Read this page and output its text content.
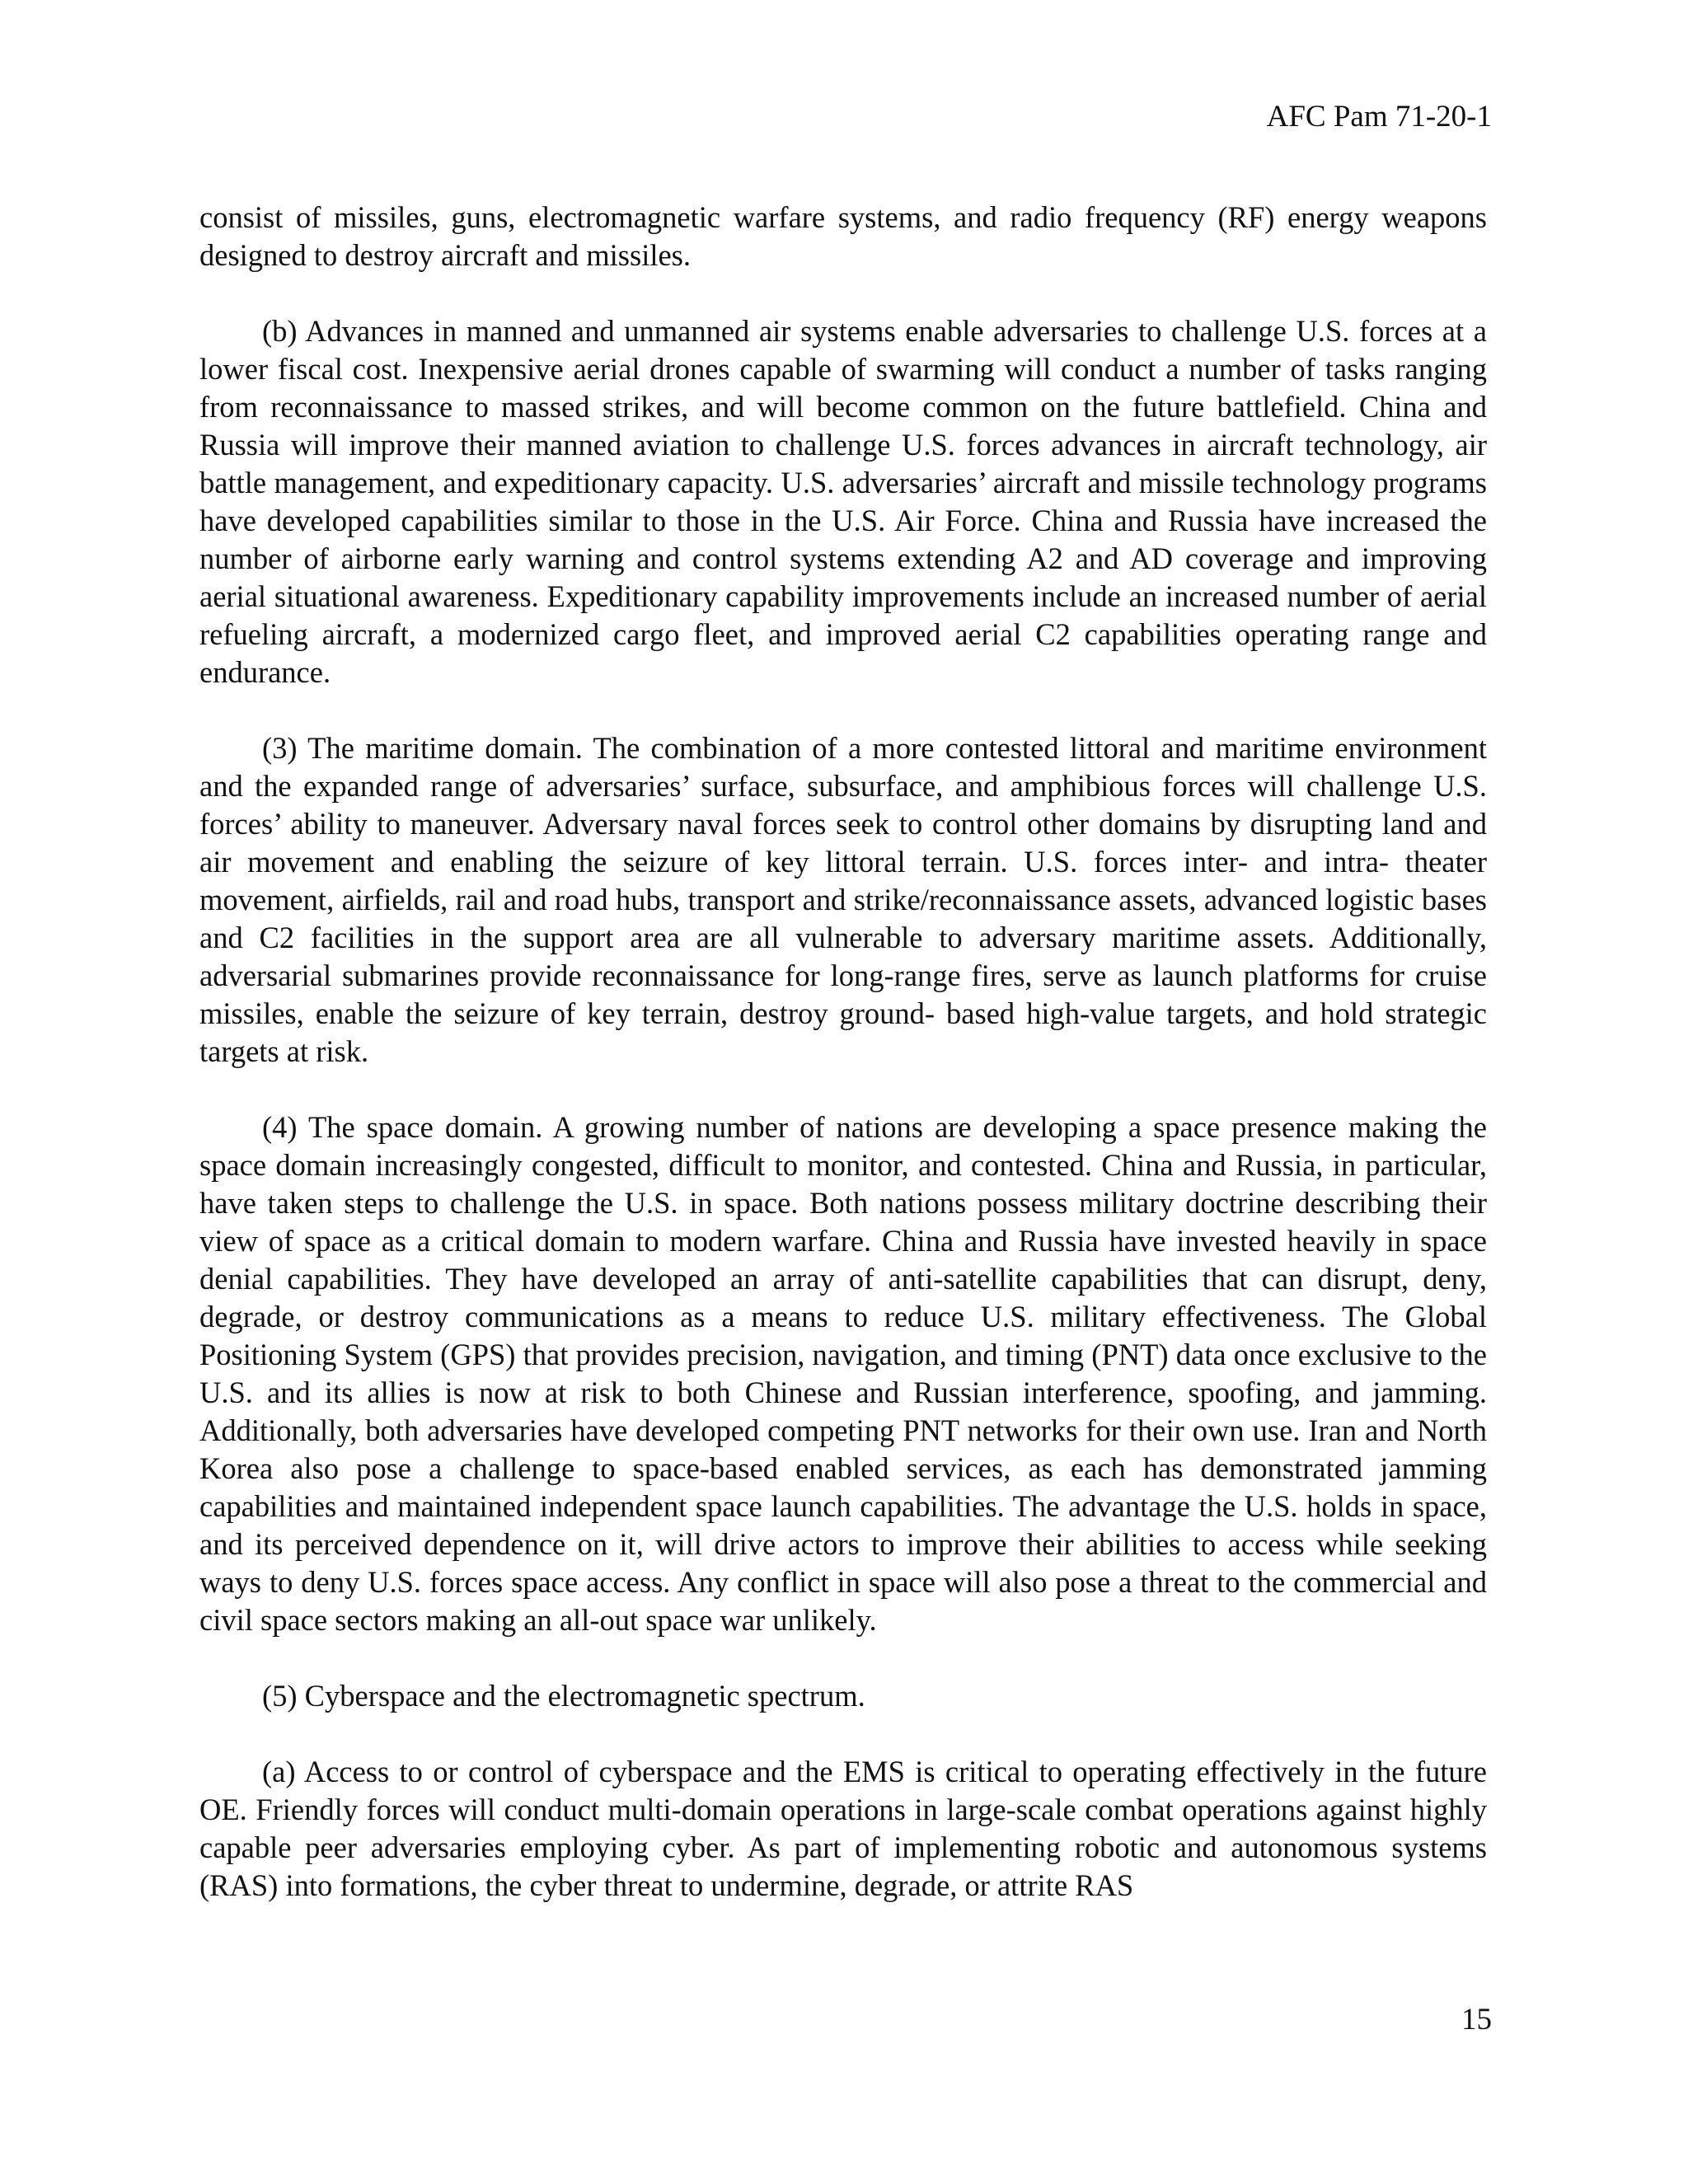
AFC Pam 71-20-1

consist of missiles, guns, electromagnetic warfare systems, and radio frequency (RF) energy weapons designed to destroy aircraft and missiles.

(b) Advances in manned and unmanned air systems enable adversaries to challenge U.S. forces at a lower fiscal cost. Inexpensive aerial drones capable of swarming will conduct a number of tasks ranging from reconnaissance to massed strikes, and will become common on the future battlefield. China and Russia will improve their manned aviation to challenge U.S. forces advances in aircraft technology, air battle management, and expeditionary capacity. U.S. adversaries’ aircraft and missile technology programs have developed capabilities similar to those in the U.S. Air Force. China and Russia have increased the number of airborne early warning and control systems extending A2 and AD coverage and improving aerial situational awareness. Expeditionary capability improvements include an increased number of aerial refueling aircraft, a modernized cargo fleet, and improved aerial C2 capabilities operating range and endurance.

(3) The maritime domain. The combination of a more contested littoral and maritime environment and the expanded range of adversaries’ surface, subsurface, and amphibious forces will challenge U.S. forces’ ability to maneuver. Adversary naval forces seek to control other domains by disrupting land and air movement and enabling the seizure of key littoral terrain. U.S. forces inter- and intra- theater movement, airfields, rail and road hubs, transport and strike/reconnaissance assets, advanced logistic bases and C2 facilities in the support area are all vulnerable to adversary maritime assets. Additionally, adversarial submarines provide reconnaissance for long-range fires, serve as launch platforms for cruise missiles, enable the seizure of key terrain, destroy ground- based high-value targets, and hold strategic targets at risk.

(4) The space domain. A growing number of nations are developing a space presence making the space domain increasingly congested, difficult to monitor, and contested. China and Russia, in particular, have taken steps to challenge the U.S. in space. Both nations possess military doctrine describing their view of space as a critical domain to modern warfare. China and Russia have invested heavily in space denial capabilities. They have developed an array of anti-satellite capabilities that can disrupt, deny, degrade, or destroy communications as a means to reduce U.S. military effectiveness. The Global Positioning System (GPS) that provides precision, navigation, and timing (PNT) data once exclusive to the U.S. and its allies is now at risk to both Chinese and Russian interference, spoofing, and jamming. Additionally, both adversaries have developed competing PNT networks for their own use. Iran and North Korea also pose a challenge to space-based enabled services, as each has demonstrated jamming capabilities and maintained independent space launch capabilities. The advantage the U.S. holds in space, and its perceived dependence on it, will drive actors to improve their abilities to access while seeking ways to deny U.S. forces space access. Any conflict in space will also pose a threat to the commercial and civil space sectors making an all-out space war unlikely.

(5) Cyberspace and the electromagnetic spectrum.

(a) Access to or control of cyberspace and the EMS is critical to operating effectively in the future OE. Friendly forces will conduct multi-domain operations in large-scale combat operations against highly capable peer adversaries employing cyber. As part of implementing robotic and autonomous systems (RAS) into formations, the cyber threat to undermine, degrade, or attrite RAS

15
